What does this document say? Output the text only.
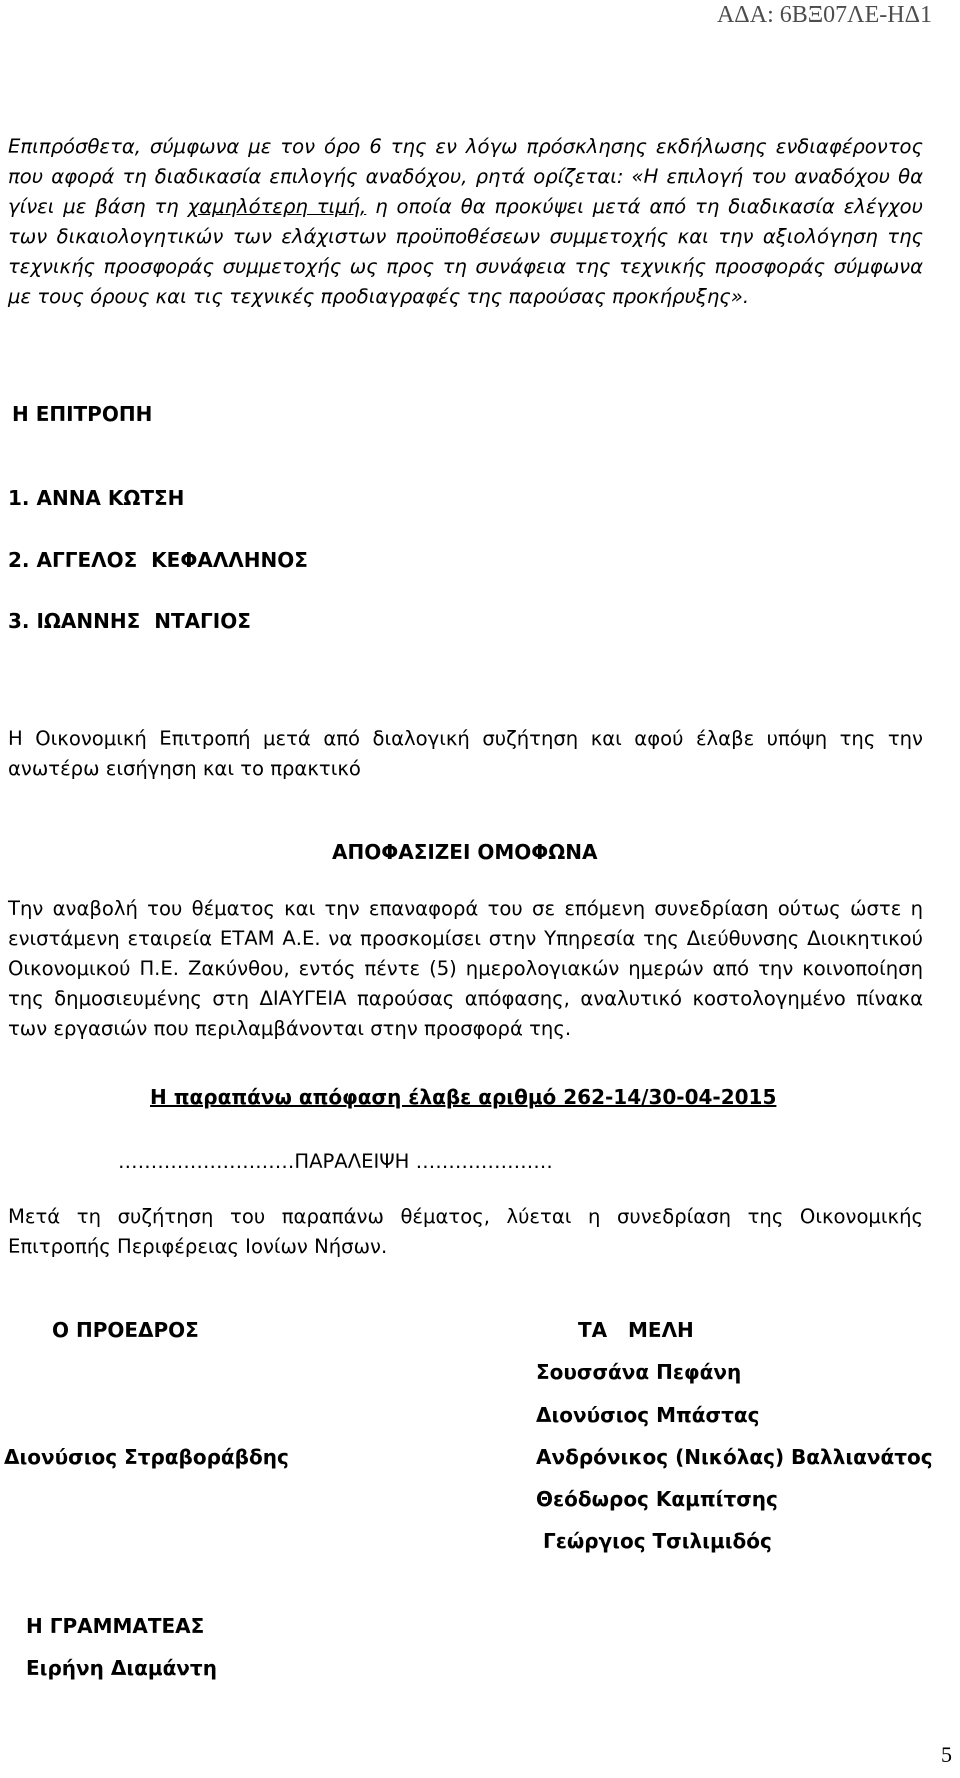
ΑΔΑ: 6ΒΞ07ΛΕ-ΗΔ1

Επιπρόσθετα, σύμφωνα με τον όρο 6 της εν λόγω πρόσκλησης εκδήλωσης ενδιαφέροντος που αφορά τη διαδικασία επιλογής αναδόχου, ρητά ορίζεται: «Η επιλογή του αναδόχου θα γίνει με βάση τη χαμηλότερη τιμή, η οποία θα προκύψει μετά από τη διαδικασία ελέγχου των δικαιολογητικών των ελάχιστων προϋποθέσεων συμμετοχής και την αξιολόγηση της τεχνικής προσφοράς συμμετοχής ως προς τη συνάφεια της τεχνικής προσφοράς σύμφωνα με τους όρους και τις τεχνικές προδιαγραφές της παρούσας προκήρυξης».

Η ΕΠΙΤΡΟΠΗ
1. ΑΝΝΑ ΚΩΤΣΗ
2. ΑΓΓΕΛΟΣ  ΚΕΦΑΛΛΗΝΟΣ
3. ΙΩΑΝΝΗΣ  ΝΤΑΓΙΟΣ

Η Οικονομική Επιτροπή μετά από διαλογική συζήτηση και αφού έλαβε υπόψη της την ανωτέρω εισήγηση και το πρακτικό

ΑΠΟΦΑΣΙΖΕΙ ΟΜΟΦΩΝΑ

Την αναβολή του θέματος και την επαναφορά του σε επόμενη συνεδρίαση ούτως ώστε η ενιστάμενη εταιρεία ΕΤΑΜ Α.Ε. να προσκομίσει στην Υπηρεσία της Διεύθυνσης Διοικητικού Οικονομικού Π.Ε. Ζακύνθου, εντός πέντε (5) ημερολογιακών ημερών από την κοινοποίηση της δημοσιευμένης στη ΔΙΑΥΓΕΙΑ παρούσας απόφασης, αναλυτικό κοστολογημένο πίνακα των εργασιών που περιλαμβάνονται στην προσφορά της.

Η παραπάνω απόφαση έλαβε αριθμό 262-14/30-04-2015
………………………ΠΑΡΑΛΕΙΨΗ …………………

Μετά τη συζήτηση του παραπάνω θέματος, λύεται η συνεδρίαση της Οικονομικής Επιτροπής Περιφέρειας Ιονίων Νήσων.

Ο ΠΡΟΕΔΡΟΣ	ΤΑ   ΜΕΛΗ
Σουσσάνα Πεφάνη
Διονύσιος Μπάστας
Διονύσιος Στραβοράβδης	Ανδρόνικος (Νικόλας) Βαλλιανάτος
Θεόδωρος Καμπίτσης
Γεώργιος Τσιλιμιδός
Η ΓΡΑΜΜΑΤΕΑΣ
Ειρήνη Διαμάντη
5
